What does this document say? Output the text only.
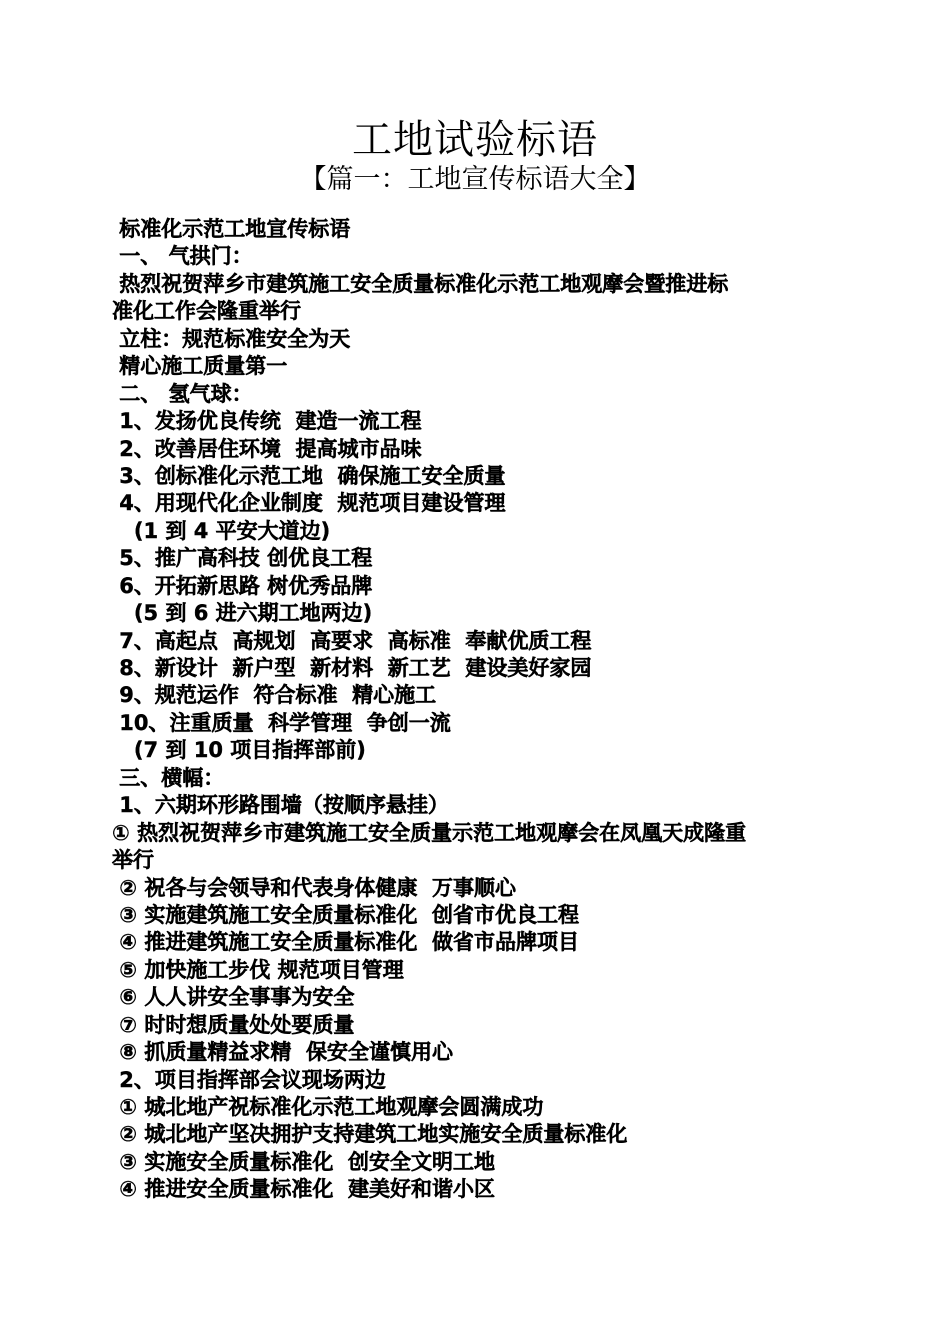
工地试验标语
【篇一：工地宣传标语大全】
标准化示范工地宣传标语
一、 气拱门：
热烈祝贺萍乡市建筑施工安全质量标准化示范工地观摩会暨推进标
准化工作会隆重举行
立柱：规范标准安全为天
精心施工质量第一
二、 氢气球：
1、发扬优良传统  建造一流工程
2、改善居住环境  提高城市品味
3、创标准化示范工地  确保施工安全质量
4、用现代化企业制度  规范项目建设管理
(1 到 4 平安大道边)
5、推广高科技 创优良工程
6、开拓新思路 树优秀品牌
(5 到 6 进六期工地两边)
7、高起点  高规划  高要求  高标准  奉献优质工程
8、新设计  新户型  新材料  新工艺  建设美好家园
9、规范运作  符合标准  精心施工
10、注重质量  科学管理  争创一流
(7 到 10 项目指挥部前)
三、横幅：
1、六期环形路围墙（按顺序悬挂）
① 热烈祝贺萍乡市建筑施工安全质量示范工地观摩会在凤凰天成隆重
举行
② 祝各与会领导和代表身体健康  万事顺心
③ 实施建筑施工安全质量标准化  创省市优良工程
④ 推进建筑施工安全质量标准化  做省市品牌项目
⑤ 加快施工步伐 规范项目管理
⑥ 人人讲安全事事为安全
⑦ 时时想质量处处要质量
⑧ 抓质量精益求精  保安全谨慎用心
2、项目指挥部会议现场两边
① 城北地产祝标准化示范工地观摩会圆满成功
② 城北地产坚决拥护支持建筑工地实施安全质量标准化
③ 实施安全质量标准化  创安全文明工地
④ 推进安全质量标准化  建美好和谐小区
